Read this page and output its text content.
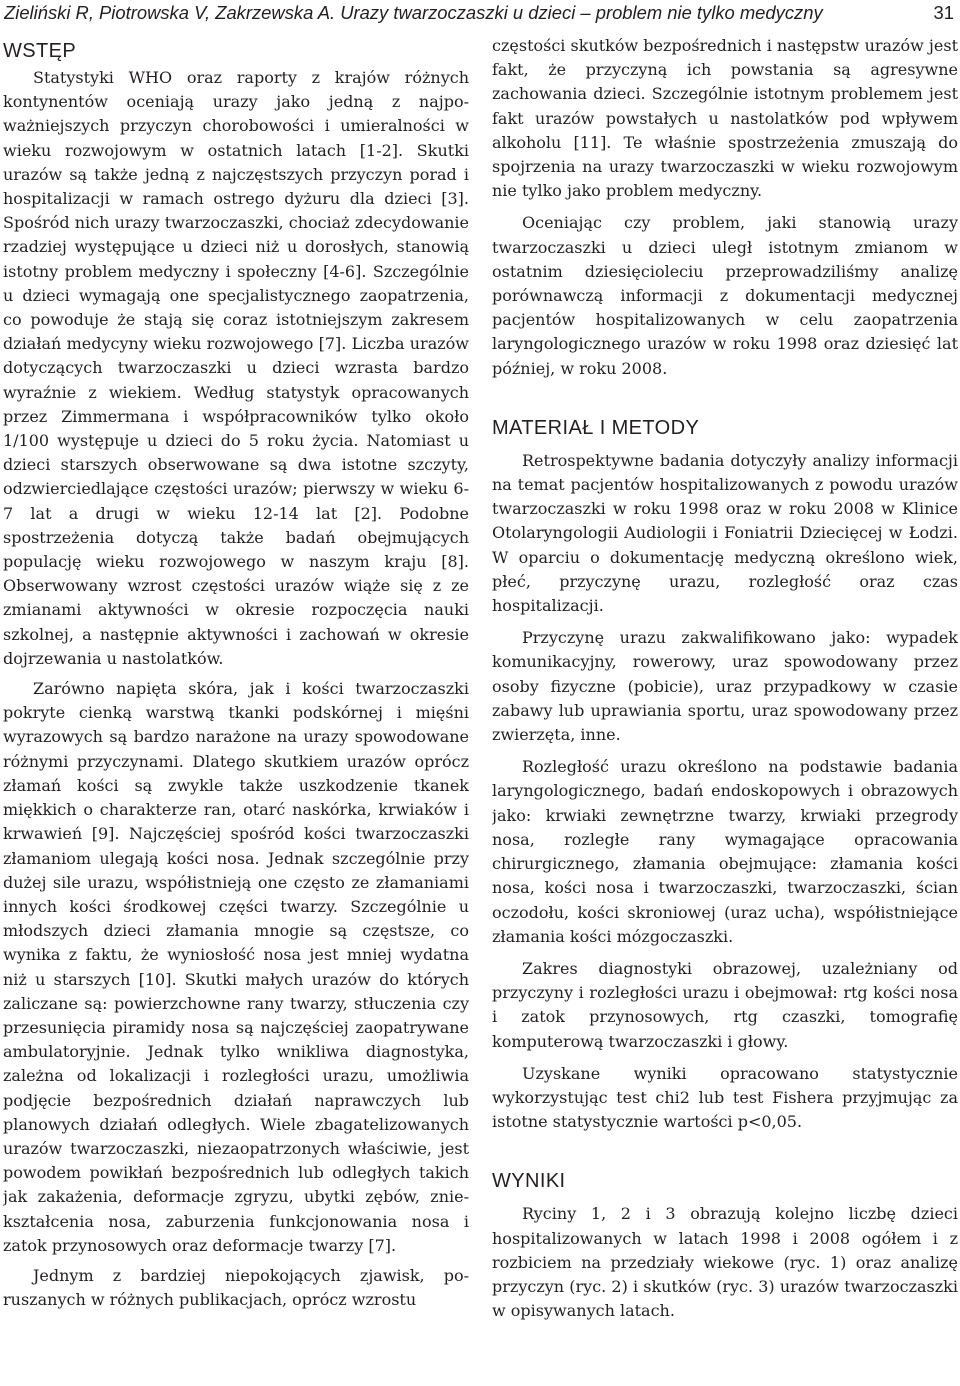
Zieliński R, Piotrowska V, Zakrzewska A. Urazy twarzoczaszki u dzieci – problem nie tylko medyczny	31
WSTĘP

Statystyki WHO oraz raporty z krajów różnych kontynentów oceniają urazy jako jedną z najpoważniejszych przyczyn chorobowości i umieralności w wieku rozwojowym w ostatnich latach [1-2]. Skutki urazów są także jedną z najczęstszych przyczyn porad i hospitalizacji w ramach ostrego dyżuru dla dzieci [3]. Spośród nich urazy twarzoczaszki, chociaż zdecydowanie rzadziej występujące u dzieci niż u dorosłych, stanowią istotny problem medyczny i społeczny [4-6]. Szczególnie u dzieci wymagają one specjalistycznego zaopatrzenia, co powoduje że stają się coraz istotniejszym zakresem działań medycyny wieku rozwojowego [7]. Liczba urazów dotyczących twarzoczaszki u dzieci wzrasta bardzo wyraźnie z wiekiem. Według statystyk opracowanych przez Zimmermana i współpracowników tylko około 1/100 występuje u dzieci do 5 roku życia. Natomiast u dzieci starszych obserwowane są dwa istotne szczyty, odzwierciedlające częstości urazów; pierwszy w wieku 6-7 lat a drugi w wieku 12-14 lat [2]. Podobne spostrzeżenia dotyczą także badań obejmujących populację wieku rozwojowego w naszym kraju [8]. Obserwowany wzrost częstości urazów wiąże się z ze zmianami aktywności w okresie rozpoczęcia nauki szkolnej, a następnie aktywności i zachowań w okresie dojrzewania u nastolatków.

Zarówno napięta skóra, jak i kości twarzoczaszki pokryte cienką warstwą tkanki podskórnej i mięśni wyrazowych są bardzo narażone na urazy spowodowane różnymi przyczynami. Dlatego skutkiem urazów oprócz złamań kości są zwykle także uszkodzenie tkanek miękkich o charakterze ran, otarć naskórka, krwiaków i krwawień [9]. Najczęściej spośród kości twarzoczaszki złamaniom ulegają kości nosa. Jednak szczególnie przy dużej sile urazu, współistnieją one często ze złamaniami innych kości środkowej części twarzy. Szczególnie u młodszych dzieci złamania mnogie są częstsze, co wynika z faktu, że wyniosłość nosa jest mniej wydatna niż u starszych [10]. Skutki małych urazów do których zaliczane są: powierzchowne rany twarzy, stłuczenia czy przesunięcia piramidy nosa są najczęściej zaopatrywane ambulatoryjnie. Jednak tylko wnikliwa diagnostyka, zależna od lokalizacji i rozległości urazu, umożliwia podjęcie bezpośrednich działań naprawczych lub planowych działań odległych. Wiele zbagatelizowanych urazów twarzoczaszki, niezaopatrzonych właściwie, jest powodem powikłań bezpośrednich lub odległych takich jak zakażenia, deformacje zgryzu, ubytki zębów, zniekształcenia nosa, zaburzenia funkcjonowania nosa i zatok przynosowych oraz deformacje twarzy [7].

Jednym z bardziej niepokojących zjawisk, poruszanych w różnych publikacjach, oprócz wzrostu

częstości skutków bezpośrednich i następstw urazów jest fakt, że przyczyną ich powstania są agresywne zachowania dzieci. Szczególnie istotnym problemem jest fakt urazów powstałych u nastolatków pod wpływem alkoholu [11]. Te właśnie spostrzeżenia zmuszają do spojrzenia na urazy twarzoczaszki w wieku rozwojowym nie tylko jako problem medyczny.

Oceniając czy problem, jaki stanowią urazy twarzoczaszki u dzieci uległ istotnym zmianom w ostatnim dziesięcioleciu przeprowadziliśmy analizę porównawczą informacji z dokumentacji medycznej pacjentów hospitalizowanych w celu zaopatrzenia laryngologicznego urazów w roku 1998 oraz dziesięć lat później, w roku 2008.

MATERIAŁ I METODY

Retrospektywne badania dotyczyły analizy informacji na temat pacjentów hospitalizowanych z powodu urazów twarzoczaszki w roku 1998 oraz w roku 2008 w Klinice Otolaryngologii Audiologii i Foniatrii Dziecięcej w Łodzi. W oparciu o dokumentację medyczną określono wiek, płeć, przyczynę urazu, rozległość oraz czas hospitalizacji.

Przyczynę urazu zakwalifikowano jako: wypadek komunikacyjny, rowerowy, uraz spowodowany przez osoby fizyczne (pobicie), uraz przypadkowy w czasie zabawy lub uprawiania sportu, uraz spowodowany przez zwierzęta, inne.

Rozległość urazu określono na podstawie badania laryngologicznego, badań endoskopowych i obrazowych jako: krwiaki zewnętrzne twarzy, krwiaki przegrody nosa, rozległe rany wymagające opracowania chirurgicznego, złamania obejmujące: złamania kości nosa, kości nosa i twarzoczaszki, twarzoczaszki, ścian oczodołu, kości skroniowej (uraz ucha), współistniejące złamania kości mózgoczaszki.

Zakres diagnostyki obrazowej, uzależniany od przyczyny i rozległości urazu i obejmował: rtg kości nosa i zatok przynosowych, rtg czaszki, tomografię komputerową twarzoczaszki i głowy.

Uzyskane wyniki opracowano statystycznie wykorzystując test chi2 lub test Fishera przyjmując za istotne statystycznie wartości p<0,05.

WYNIKI

Ryciny 1, 2 i 3 obrazują kolejno liczbę dzieci hospitalizowanych w latach 1998 i 2008 ogółem i z rozbiciem na przedziały wiekowe (ryc. 1) oraz analizę przyczyn (ryc. 2) i skutków (ryc. 3) urazów twarzoczaszki w opisywanych latach.
